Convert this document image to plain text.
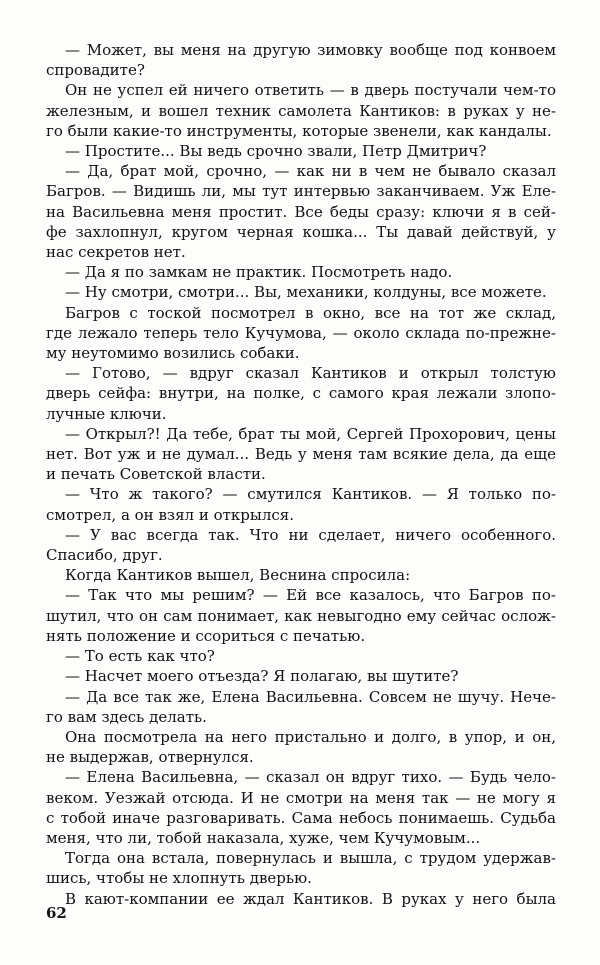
— Может, вы меня на другую зимовку вообще под конвоем
спровадите?
Он не успел ей ничего ответить — в дверь постучали чем-то
железным, и вошел техник самолета Кантиков: в руках у не-
го были какие-то инструменты, которые звенели, как кандалы.
— Простите... Вы ведь срочно звали, Петр Дмитрич?
— Да, брат мой, срочно, — как ни в чем не бывало сказал
Багров. — Видишь ли, мы тут интервью заканчиваем. Уж Еле-
на Васильевна меня простит. Все беды сразу: ключи я в сей-
фе захлопнул, кругом черная кошка... Ты давай действуй, у
нас секретов нет.
— Да я по замкам не практик. Посмотреть надо.
— Ну смотри, смотри... Вы, механики, колдуны, все можете.
Багров с тоской посмотрел в окно, все на тот же склад,
где лежало теперь тело Кучумова, — около склада по-прежне-
му неутомимо возились собаки.
— Готово, — вдруг сказал Кантиков и открыл толстую
дверь сейфа: внутри, на полке, с самого края лежали злопо-
лучные ключи.
— Открыл?! Да тебе, брат ты мой, Сергей Прохорович, цены
нет. Вот уж и не думал... Ведь у меня там всякие дела, да еще
и печать Советской власти.
— Что ж такого? — смутился Кантиков. — Я только по-
смотрел, а он взял и открылся.
— У вас всегда так. Что ни сделает, ничего особенного.
Спасибо, друг.
Когда Кантиков вышел, Веснина спросила:
— Так что мы решим? — Ей все казалось, что Багров по-
шутил, что он сам понимает, как невыгодно ему сейчас ослож-
нять положение и ссориться с печатью.
— То есть как что?
— Насчет моего отъезда? Я полагаю, вы шутите?
— Да все так же, Елена Васильевна. Совсем не шучу. Нече-
го вам здесь делать.
Она посмотрела на него пристально и долго, в упор, и он,
не выдержав, отвернулся.
— Елена Васильевна, — сказал он вдруг тихо. — Будь чело-
веком. Уезжай отсюда. И не смотри на меня так — не могу я
с тобой иначе разговаривать. Сама небось понимаешь. Судьба
меня, что ли, тобой наказала, хуже, чем Кучумовым...
Тогда она встала, повернулась и вышла, с трудом удержав-
шись, чтобы не хлопнуть дверью.
В кают-компании ее ждал Кантиков. В руках у него была
62
